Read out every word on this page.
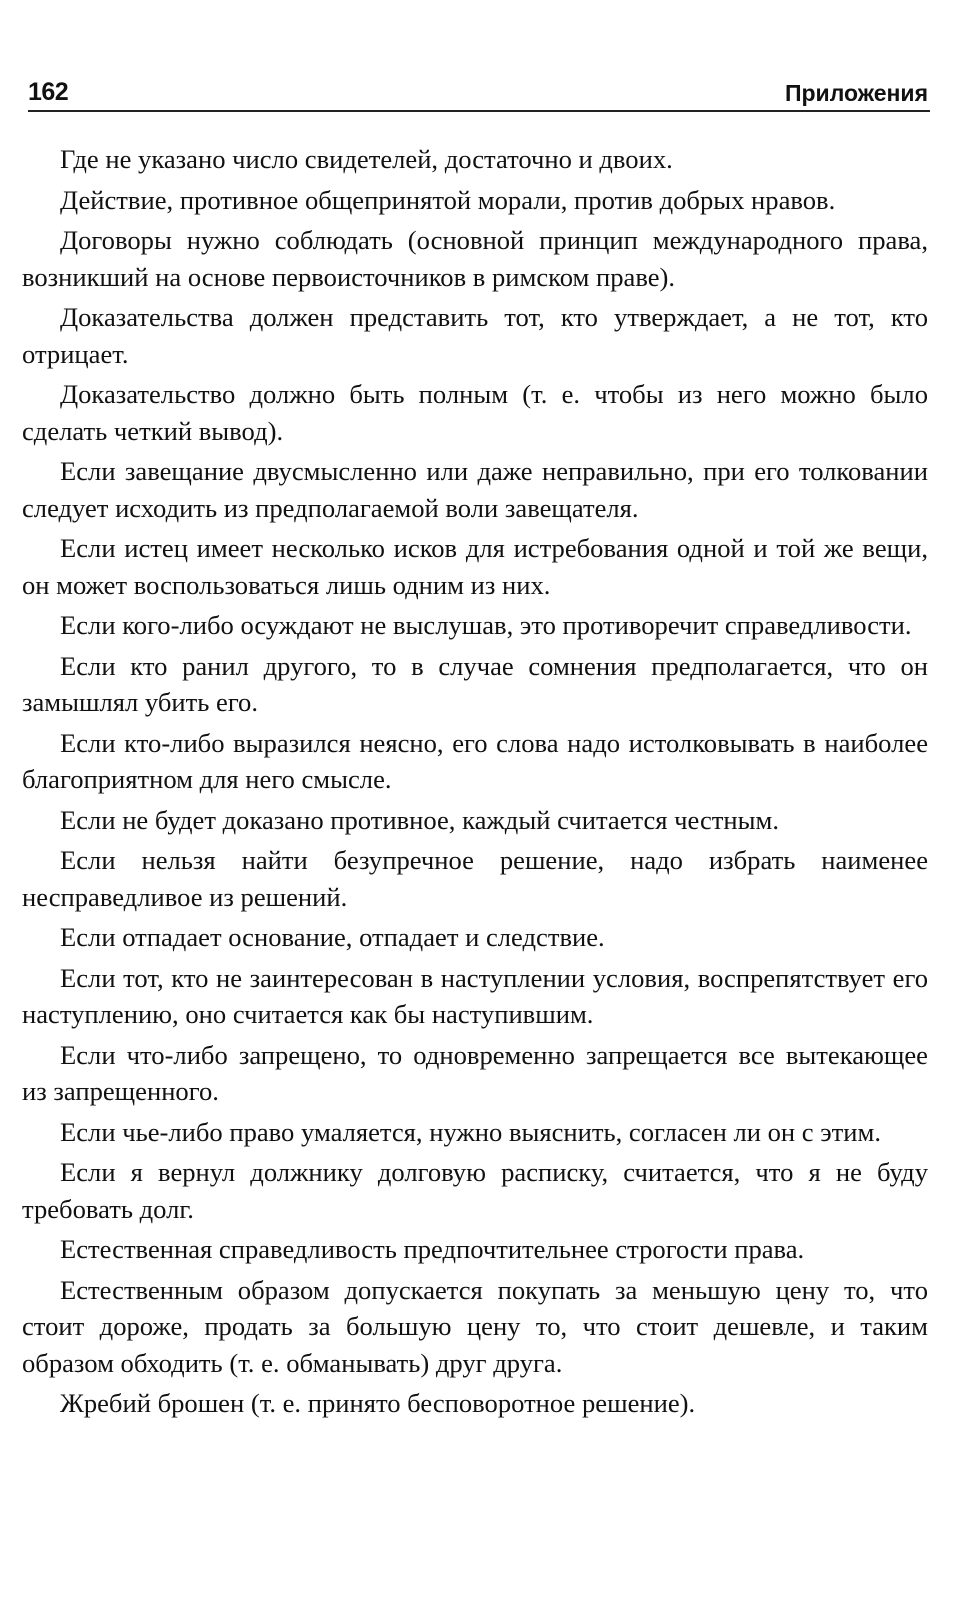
162	Приложения

Где не указано число свидетелей, достаточно и двоих.

Действие, противное общепринятой морали, против добрых нравов.

Договоры нужно соблюдать (основной принцип международного права, возникший на основе первоисточников в римском праве).

Доказательства должен представить тот, кто утверждает, а не тот, кто отрицает.

Доказательство должно быть полным (т. е. чтобы из него можно было сделать четкий вывод).

Если завещание двусмысленно или даже неправильно, при его толковании следует исходить из предполагаемой воли завещателя.

Если истец имеет несколько исков для истребования одной и той же вещи, он может воспользоваться лишь одним из них.

Если кого-либо осуждают не выслушав, это противоречит справедливости.

Если кто ранил другого, то в случае сомнения предполагается, что он замышлял убить его.

Если кто-либо выразился неясно, его слова надо истолковывать в наиболее благоприятном для него смысле.

Если не будет доказано противное, каждый считается честным.

Если нельзя найти безупречное решение, надо избрать наименее несправедливое из решений.

Если отпадает основание, отпадает и следствие.

Если тот, кто не заинтересован в наступлении условия, воспрепятствует его наступлению, оно считается как бы наступившим.

Если что-либо запрещено, то одновременно запрещается все вытекающее из запрещенного.

Если чье-либо право умаляется, нужно выяснить, согласен ли он с этим.

Если я вернул должнику долговую расписку, считается, что я не буду требовать долг.

Естественная справедливость предпочтительнее строгости права.

Естественным образом допускается покупать за меньшую цену то, что стоит дороже, продать за большую цену то, что стоит дешевле, и таким образом обходить (т. е. обманывать) друг друга.

Жребий брошен (т. е. принято бесповоротное решение).
